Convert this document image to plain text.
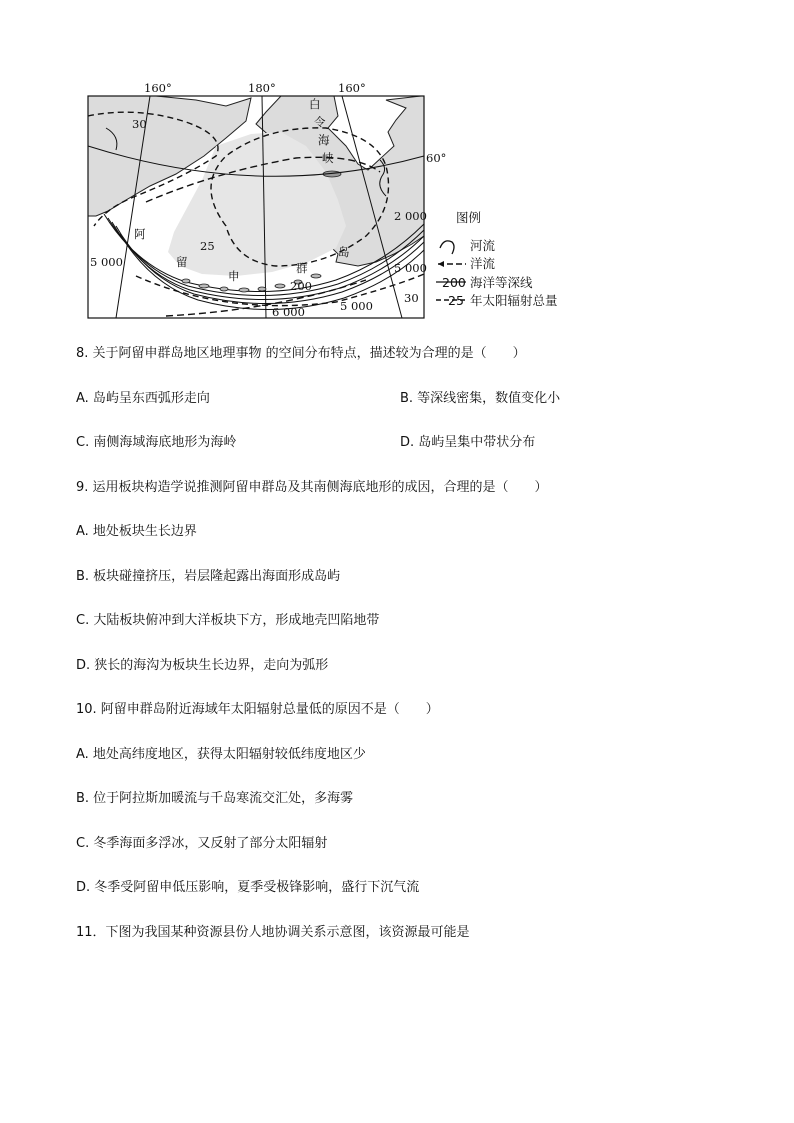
160°	180°	160°
60°
白
令
海
峡
阿
留
申
群
岛
30
25
30
5 000
2 000
5 000
200
6 000	5 000
图例
河流
洋流
200 海洋等深线
25 年太阳辐射总量
8. 关于阿留申群岛地区地理事物 的空间分布特点，描述较为合理的是（　　）
A. 岛屿呈东西弧形走向	B. 等深线密集，数值变化小
C. 南侧海域海底地形为海岭	D. 岛屿呈集中带状分布
9. 运用板块构造学说推测阿留申群岛及其南侧海底地形的成因，合理的是（　　）
A. 地处板块生长边界
B. 板块碰撞挤压，岩层隆起露出海面形成岛屿
C. 大陆板块俯冲到大洋板块下方，形成地壳凹陷地带
D. 狭长的海沟为板块生长边界，走向为弧形
10. 阿留申群岛附近海域年太阳辐射总量低的原因不是（　　）
A. 地处高纬度地区，获得太阳辐射较低纬度地区少
B. 位于阿拉斯加暖流与千岛寒流交汇处，多海雾
C. 冬季海面多浮冰，又反射了部分太阳辐射
D. 冬季受阿留申低压影响，夏季受极锋影响，盛行下沉气流
11．下图为我国某种资源县份人地协调关系示意图，该资源最可能是
